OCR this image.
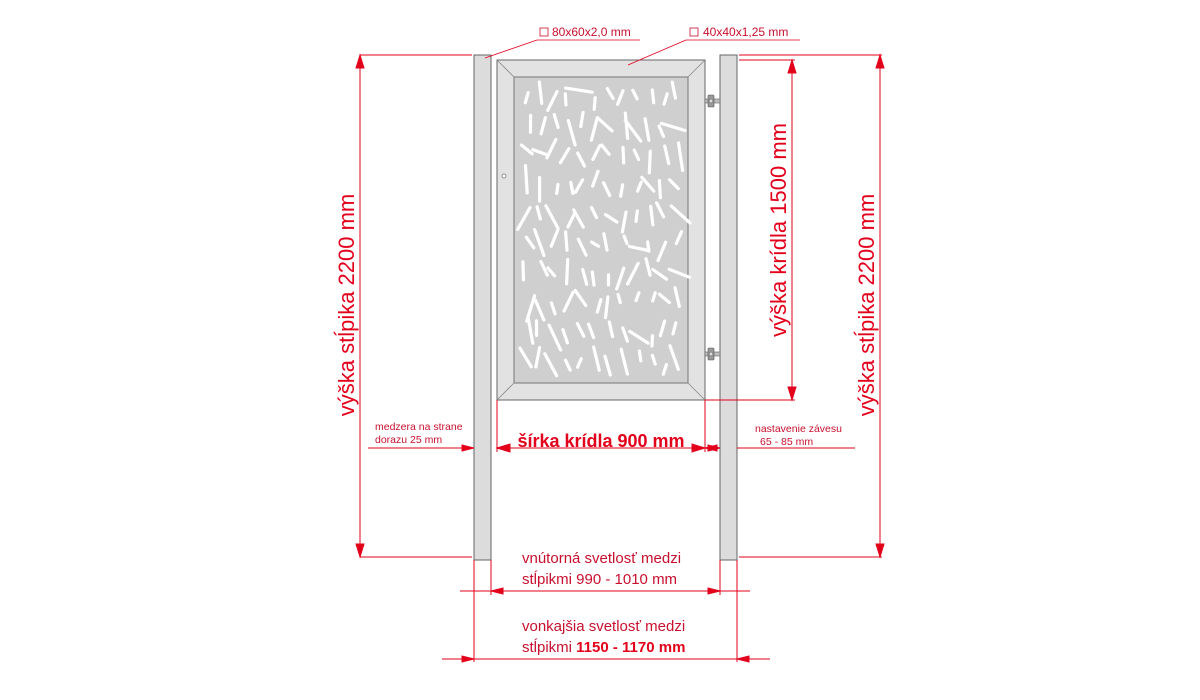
80x60x2,0 mm	40x40x1,25 mm
výška stĺpika 2200 mm	výška stĺpika 2200 mm
výška krídla 1500 mm
šírka krídla 900 mm
medzera na strane
dorazu 25 mm
nastavenie závesu
65 - 85 mm
vnútorná svetlosť medzi
stĺpikmi 990 - 1010 mm
vonkajšia svetlosť medzi
stĺpikmi 1150 - 1170 mm
